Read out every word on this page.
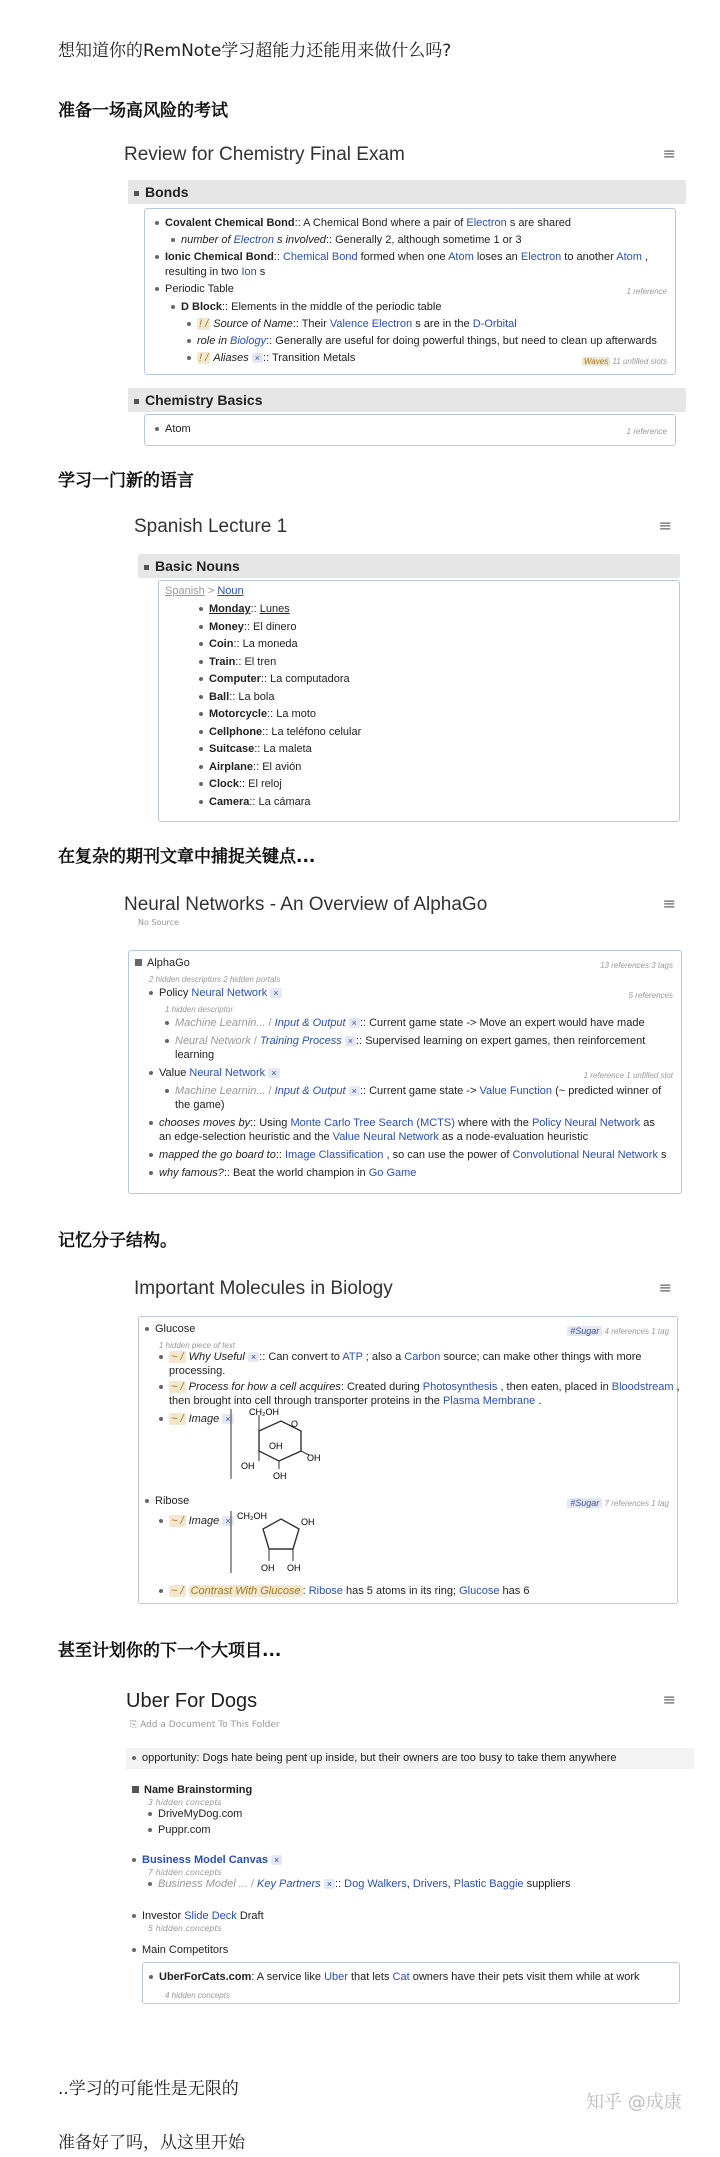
想知道你的RemNote学习超能力还能用来做什么吗?
准备一场高风险的考试
Review for Chemistry Final Exam	≡
Bonds
Covalent Chemical Bond:: A Chemical Bond where a pair of Electron s are shared
number of Electron s involved:: Generally 2, although sometime 1 or 3
Ionic Chemical Bond:: Chemical Bond formed when one Atom loses an Electron to another Atom ,
resulting in two Ion s
Periodic Table	1 reference
D Block:: Elements in the middle of the periodic table
! / Source of Name:: Their Valence Electron s are in the D-Orbital
role in Biology:: Generally are useful for doing powerful things, but need to clean up afterwards
! / Aliases × :: Transition Metals	Waves 11 unfilled slots
Chemistry Basics
Atom	1 reference
学习一门新的语言
Spanish Lecture 1	≡
Basic Nouns
Spanish > Noun
Monday:: Lunes
Money:: El dinero
Coin:: La moneda
Train:: El tren
Computer:: La computadora
Ball:: La bola
Motorcycle:: La moto
Cellphone:: La teléfono celular
Suitcase:: La maleta
Airplane:: El avión
Clock:: El reloj
Camera:: La cámara
在复杂的期刊文章中捕捉关键点...
Neural Networks - An Overview of AlphaGo
No Source
≡
AlphaGo	13 references 3 tags
2 hidden descriptors 2 hidden portals
Policy Neural Network ×	5 references
1 hidden descriptor
Machine Learnin... / Input & Output × :: Current game state -> Move an expert would have made
Neural Network / Training Process × :: Supervised learning on expert games, then reinforcement
learning
Value Neural Network ×	1 reference 1 unfilled slot
Machine Learnin... / Input & Output × :: Current game state -> Value Function (~ predicted winner of
the game)
chooses moves by:: Using Monte Carlo Tree Search (MCTS) where with the Policy Neural Network as
an edge-selection heuristic and the Value Neural Network as a node-evaluation heuristic
mapped the go board to:: Image Classification , so can use the power of Convolutional Neural Network s
why famous?:: Beat the world champion in Go Game
记忆分子结构。
Important Molecules in Biology	≡
Glucose	#Sugar 4 references 1 tag
1 hidden piece of text
~ / Why Useful × :: Can convert to ATP ; also a Carbon source; can make other things with more
processing.
~ / Process for how a cell acquires: Created during Photosynthesis , then eaten, placed in Bloodstream ,
then brought into cell through transporter proteins in the Plasma Membrane .
~ / Image ×
CH₂OH
O
OH
OH
OH
OH
Ribose	#Sugar 7 references 1 tag
~ / Image × CH₂OH
OH
OH OH
~ / Contrast With Glucose : Ribose has 5 atoms in its ring; Glucose has 6
甚至计划你的下一个大项目...
Uber For Dogs	≡
⎘ Add a Document To This Folder
opportunity: Dogs hate being pent up inside, but their owners are too busy to take them anywhere
Name Brainstorming
3 hidden concepts
DriveMyDog.com
Puppr.com
Business Model Canvas ×
7 hidden concepts
Business Model ... / Key Partners × :: Dog Walkers, Drivers, Plastic Baggie suppliers
Investor Slide Deck Draft
5 hidden concepts
Main Competitors
UberForCats.com: A service like Uber that lets Cat owners have their pets visit them while at work
4 hidden concepts
..学习的可能性是无限的
准备好了吗，从这里开始
知乎 @成康
